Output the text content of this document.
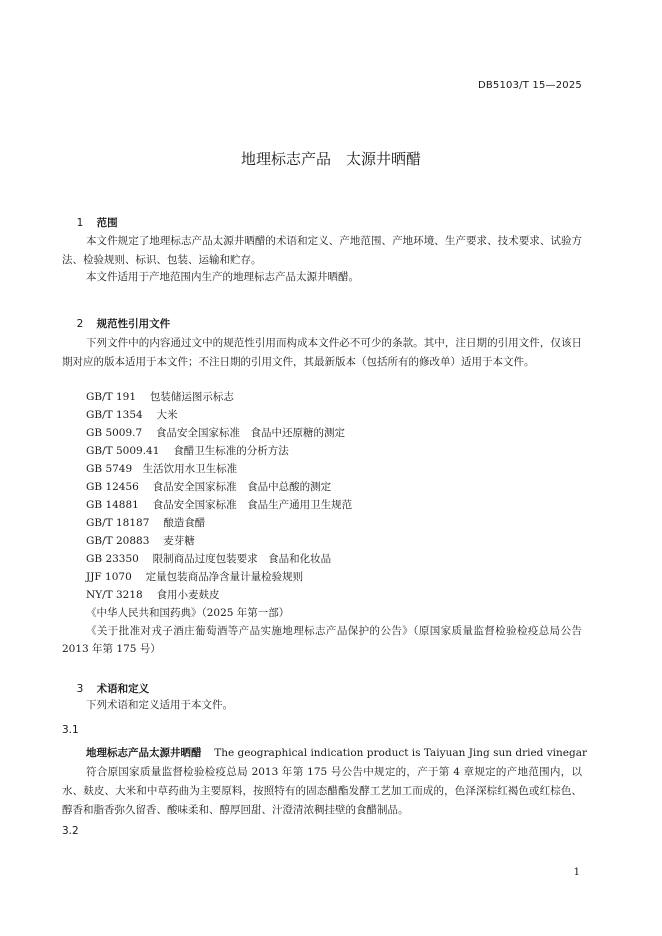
DB5103/T 15—2025
地理标志产品　太源井晒醋

1 范围

本文件规定了地理标志产品太源井晒醋的术语和定义、产地范围、产地环境、生产要求、技术要求、试验方法、检验规则、标识、包装、运输和贮存。
本文件适用于产地范围内生产的地理标志产品太源井晒醋。

2 规范性引用文件

下列文件中的内容通过文中的规范性引用而构成本文件必不可少的条款。其中，注日期的引用文件，仅该日期对应的版本适用于本文件；不注日期的引用文件，其最新版本（包括所有的修改单）适用于本文件。
GB/T 191　 包装储运图示标志
GB/T 1354　 大米
GB 5009.7　 食品安全国家标准　食品中还原糖的测定
GB/T 5009.41　 食醋卫生标准的分析方法
GB 5749　生活饮用水卫生标准
GB 12456　 食品安全国家标准　食品中总酸的测定
GB 14881　 食品安全国家标准　食品生产通用卫生规范
GB/T 18187　 酿造食醋
GB/T 20883　 麦芽糖
GB 23350　 限制商品过度包装要求　食品和化妆品
JJF 1070　 定量包装商品净含量计量检验规则
NY/T 3218　 食用小麦麸皮
《中华人民共和国药典》（2025 年第一部）
《关于批准对戎子酒庄葡萄酒等产品实施地理标志产品保护的公告》（原国家质量监督检验检疫总局公告 2013 年第 175 号）

3 术语和定义

下列术语和定义适用于本文件。
3.1
地理标志产品太源井晒醋 The geographical indication product is Taiyuan Jing sun dried vinegar
符合原国家质量监督检验检疫总局 2013 年第 175 号公告中规定的，产于第 4 章规定的产地范围内，以水、麸皮、大米和中草药曲为主要原料，按照特有的固态醋酯发酵工艺加工而成的，色泽深棕红褐色或红棕色、醇香和脂香弥久留香、酸味柔和、醇厚回甜、汁澄清浓稠挂壁的食醋制品。
3.2
1
